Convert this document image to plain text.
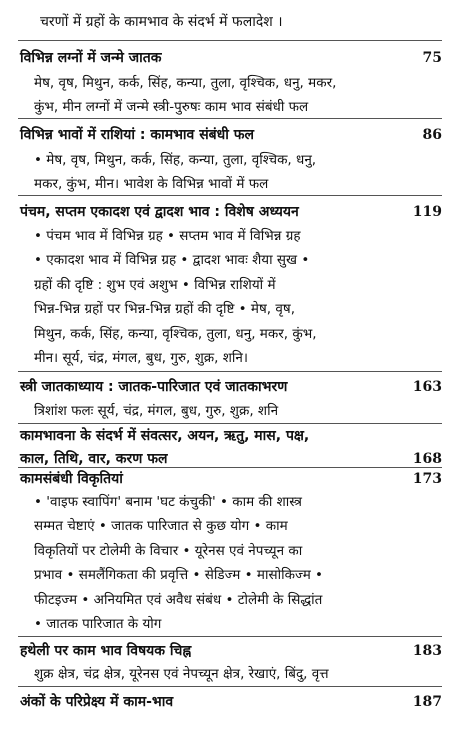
चरणों में ग्रहों के कामभाव के संदर्भ में फलादेश ।
विभिन्न लग्नों में जन्मे जातक	75
मेष, वृष, मिथुन, कर्क, सिंह, कन्या, तुला, वृश्चिक, धनु, मकर,
कुंभ, मीन लग्नों में जन्मे स्त्री-पुरुषः काम भाव संबंधी फल
विभिन्न भावों में राशियां : कामभाव संबंधी फल	86
• मेष, वृष, मिथुन, कर्क, सिंह, कन्या, तुला, वृश्चिक, धनु,
मकर, कुंभ, मीन। भावेश के विभिन्न भावों में फल
पंचम, सप्तम एकादश एवं द्वादश भाव : विशेष अध्ययन	119
• पंचम भाव में विभिन्न ग्रह • सप्तम भाव में विभिन्न ग्रह
• एकादश भाव में विभिन्न ग्रह • द्वादश भावः शैया सुख •
ग्रहों की दृष्टि : शुभ एवं अशुभ • विभिन्न राशियों में
भिन्न-भिन्न ग्रहों पर भिन्न-भिन्न ग्रहों की दृष्टि • मेष, वृष,
मिथुन, कर्क, सिंह, कन्या, वृश्चिक, तुला, धनु, मकर, कुंभ,
मीन। सूर्य, चंद्र, मंगल, बुध, गुरु, शुक्र, शनि।
स्त्री जातकाध्याय : जातक-पारिजात एवं जातकाभरण	163
त्रिशांश फलः सूर्य, चंद्र, मंगल, बुध, गुरु, शुक्र, शनि
कामभावना के संदर्भ में संवत्सर, अयन, ऋतु, मास, पक्ष,
काल, तिथि, वार, करण फल	168
कामसंबंधी विकृतियां	173
• 'वाइफ स्वापिंग' बनाम 'घट कंचुकी' • काम की शास्त्र
सम्मत चेष्टाएं • जातक पारिजात से कुछ योग • काम
विकृतियों पर टोलेमी के विचार • यूरेनस एवं नेपच्यून का
प्रभाव • समलैंगिकता की प्रवृत्ति • सेडिज्म • मासोकिज्म •
फीटइज्म • अनियमित एवं अवैध संबंध • टोलेमी के सिद्धांत
• जातक पारिजात के योग
हथेली पर काम भाव विषयक चिह्न	183
शुक्र क्षेत्र, चंद्र क्षेत्र, यूरेनस एवं नेपच्यून क्षेत्र, रेखाएं, बिंदु, वृत्त
अंकों के परिप्रेक्ष्य में काम-भाव	187
